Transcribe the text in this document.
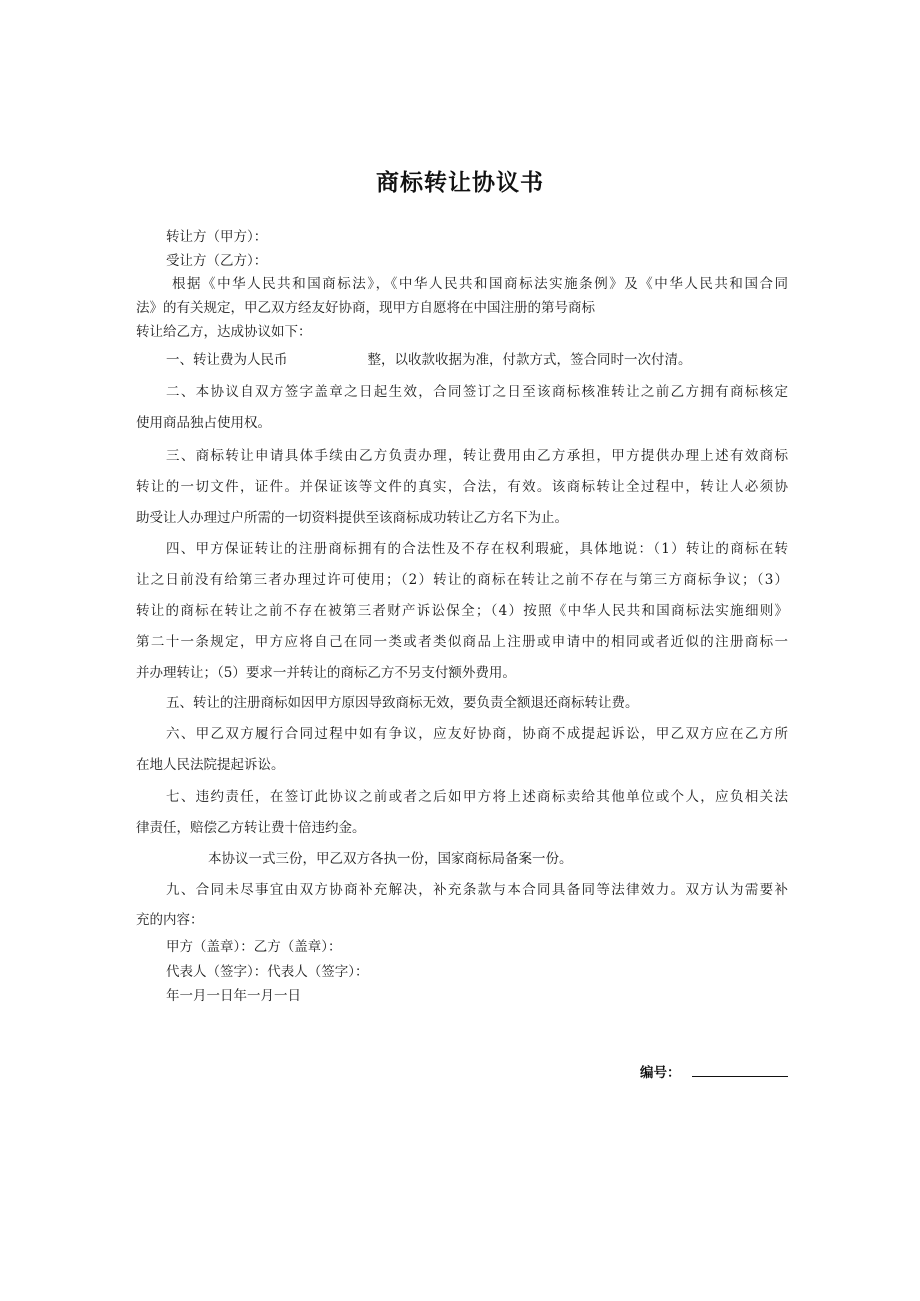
商标转让协议书
转让方（甲方）：
受让方（乙方）：
根据《中华人民共和国商标法》，《中华人民共和国商标法实施条例》及《中华人民共和国合同
法》的有关规定，甲乙双方经友好协商，现甲方自愿将在中国注册的第号商标
转让给乙方，达成协议如下：
一、转让费为人民币	整，以收款收据为准，付款方式，签合同时一次付清。
二、本协议自双方签字盖章之日起生效，合同签订之日至该商标核准转让之前乙方拥有商标核定
使用商品独占使用权。
三、商标转让申请具体手续由乙方负责办理，转让费用由乙方承担，甲方提供办理上述有效商标
转让的一切文件，证件。并保证该等文件的真实，合法，有效。该商标转让全过程中，转让人必须协
助受让人办理过户所需的一切资料提供至该商标成功转让乙方名下为止。
四、甲方保证转让的注册商标拥有的合法性及不存在权利瑕疵，具体地说：（1）转让的商标在转
让之日前没有给第三者办理过许可使用；（2）转让的商标在转让之前不存在与第三方商标争议；（3）
转让的商标在转让之前不存在被第三者财产诉讼保全；（4）按照《中华人民共和国商标法实施细则》
第二十一条规定，甲方应将自己在同一类或者类似商品上注册或申请中的相同或者近似的注册商标一
并办理转让；（5）要求一并转让的商标乙方不另支付额外费用。
五、转让的注册商标如因甲方原因导致商标无效，要负责全额退还商标转让费。
六、甲乙双方履行合同过程中如有争议，应友好协商，协商不成提起诉讼，甲乙双方应在乙方所
在地人民法院提起诉讼。
七、违约责任，在签订此协议之前或者之后如甲方将上述商标卖给其他单位或个人，应负相关法
律责任，赔偿乙方转让费十倍违约金。
本协议一式三份，甲乙双方各执一份，国家商标局备案一份。
九、合同未尽事宜由双方协商补充解决，补充条款与本合同具备同等法律效力。双方认为需要补
充的内容：
甲方（盖章）：乙方（盖章）：
代表人（签字）：代表人（签字）：
年一月一日年一月一日
编号：
